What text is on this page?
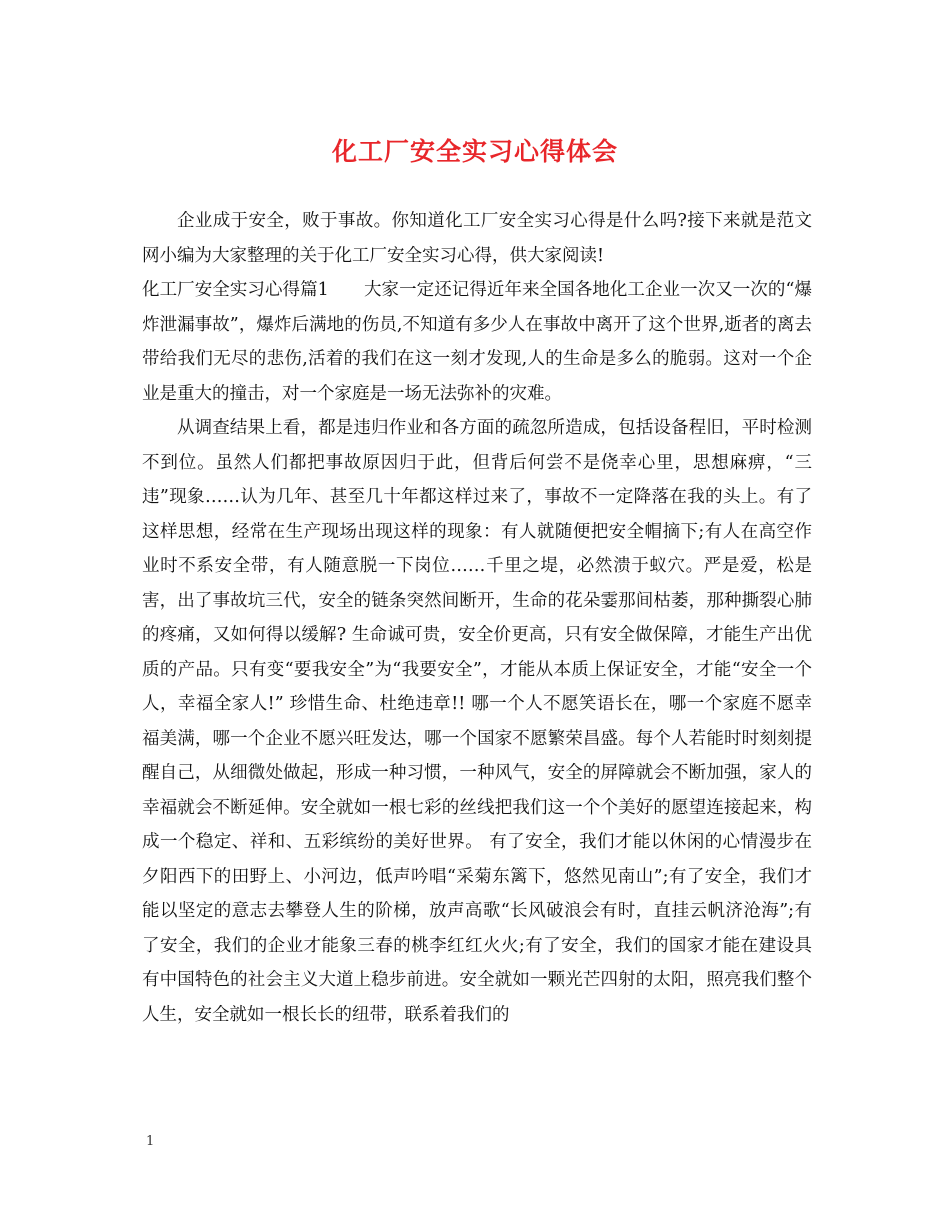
化工厂安全实习心得体会

企业成于安全，败于事故。你知道化工厂安全实习心得是什么吗?接下来就是范文网小编为大家整理的关于化工厂安全实习心得，供大家阅读!

化工厂安全实习心得篇1　　大家一定还记得近年来全国各地化工企业一次又一次的“爆炸泄漏事故”，爆炸后满地的伤员,不知道有多少人在事故中离开了这个世界,逝者的离去带给我们无尽的悲伤,活着的我们在这一刻才发现,人的生命是多么的脆弱。这对一个企业是重大的撞击，对一个家庭是一场无法弥补的灾难。

从调查结果上看，都是违归作业和各方面的疏忽所造成，包括设备程旧，平时检测不到位。虽然人们都把事故原因归于此，但背后何尝不是侥幸心里，思想麻痹，“三违”现象……认为几年、甚至几十年都这样过来了，事故不一定降落在我的头上。有了这样思想，经常在生产现场出现这样的现象：有人就随便把安全帽摘下;有人在高空作业时不系安全带，有人随意脱一下岗位……千里之堤，必然溃于蚁穴。严是爱，松是害，出了事故坑三代，安全的链条突然间断开，生命的花朵霎那间枯萎，那种撕裂心肺的疼痛，又如何得以缓解? 生命诚可贵，安全价更高，只有安全做保障，才能生产出优质的产品。只有变“要我安全”为“我要安全”，才能从本质上保证安全，才能“安全一个人，幸福全家人!” 珍惜生命、杜绝违章!! 哪一个人不愿笑语长在，哪一个家庭不愿幸福美满，哪一个企业不愿兴旺发达，哪一个国家不愿繁荣昌盛。每个人若能时时刻刻提醒自己，从细微处做起，形成一种习惯，一种风气，安全的屏障就会不断加强，家人的幸福就会不断延伸。安全就如一根七彩的丝线把我们这一个个美好的愿望连接起来，构成一个稳定、祥和、五彩缤纷的美好世界。 有了安全，我们才能以休闲的心情漫步在夕阳西下的田野上、小河边，低声吟唱“采菊东篱下，悠然见南山”;有了安全，我们才能以坚定的意志去攀登人生的阶梯，放声高歌“长风破浪会有时，直挂云帆济沧海”;有了安全，我们的企业才能象三春的桃李红红火火;有了安全，我们的国家才能在建设具有中国特色的社会主义大道上稳步前进。安全就如一颗光芒四射的太阳，照亮我们整个人生，安全就如一根长长的纽带，联系着我们的

1
